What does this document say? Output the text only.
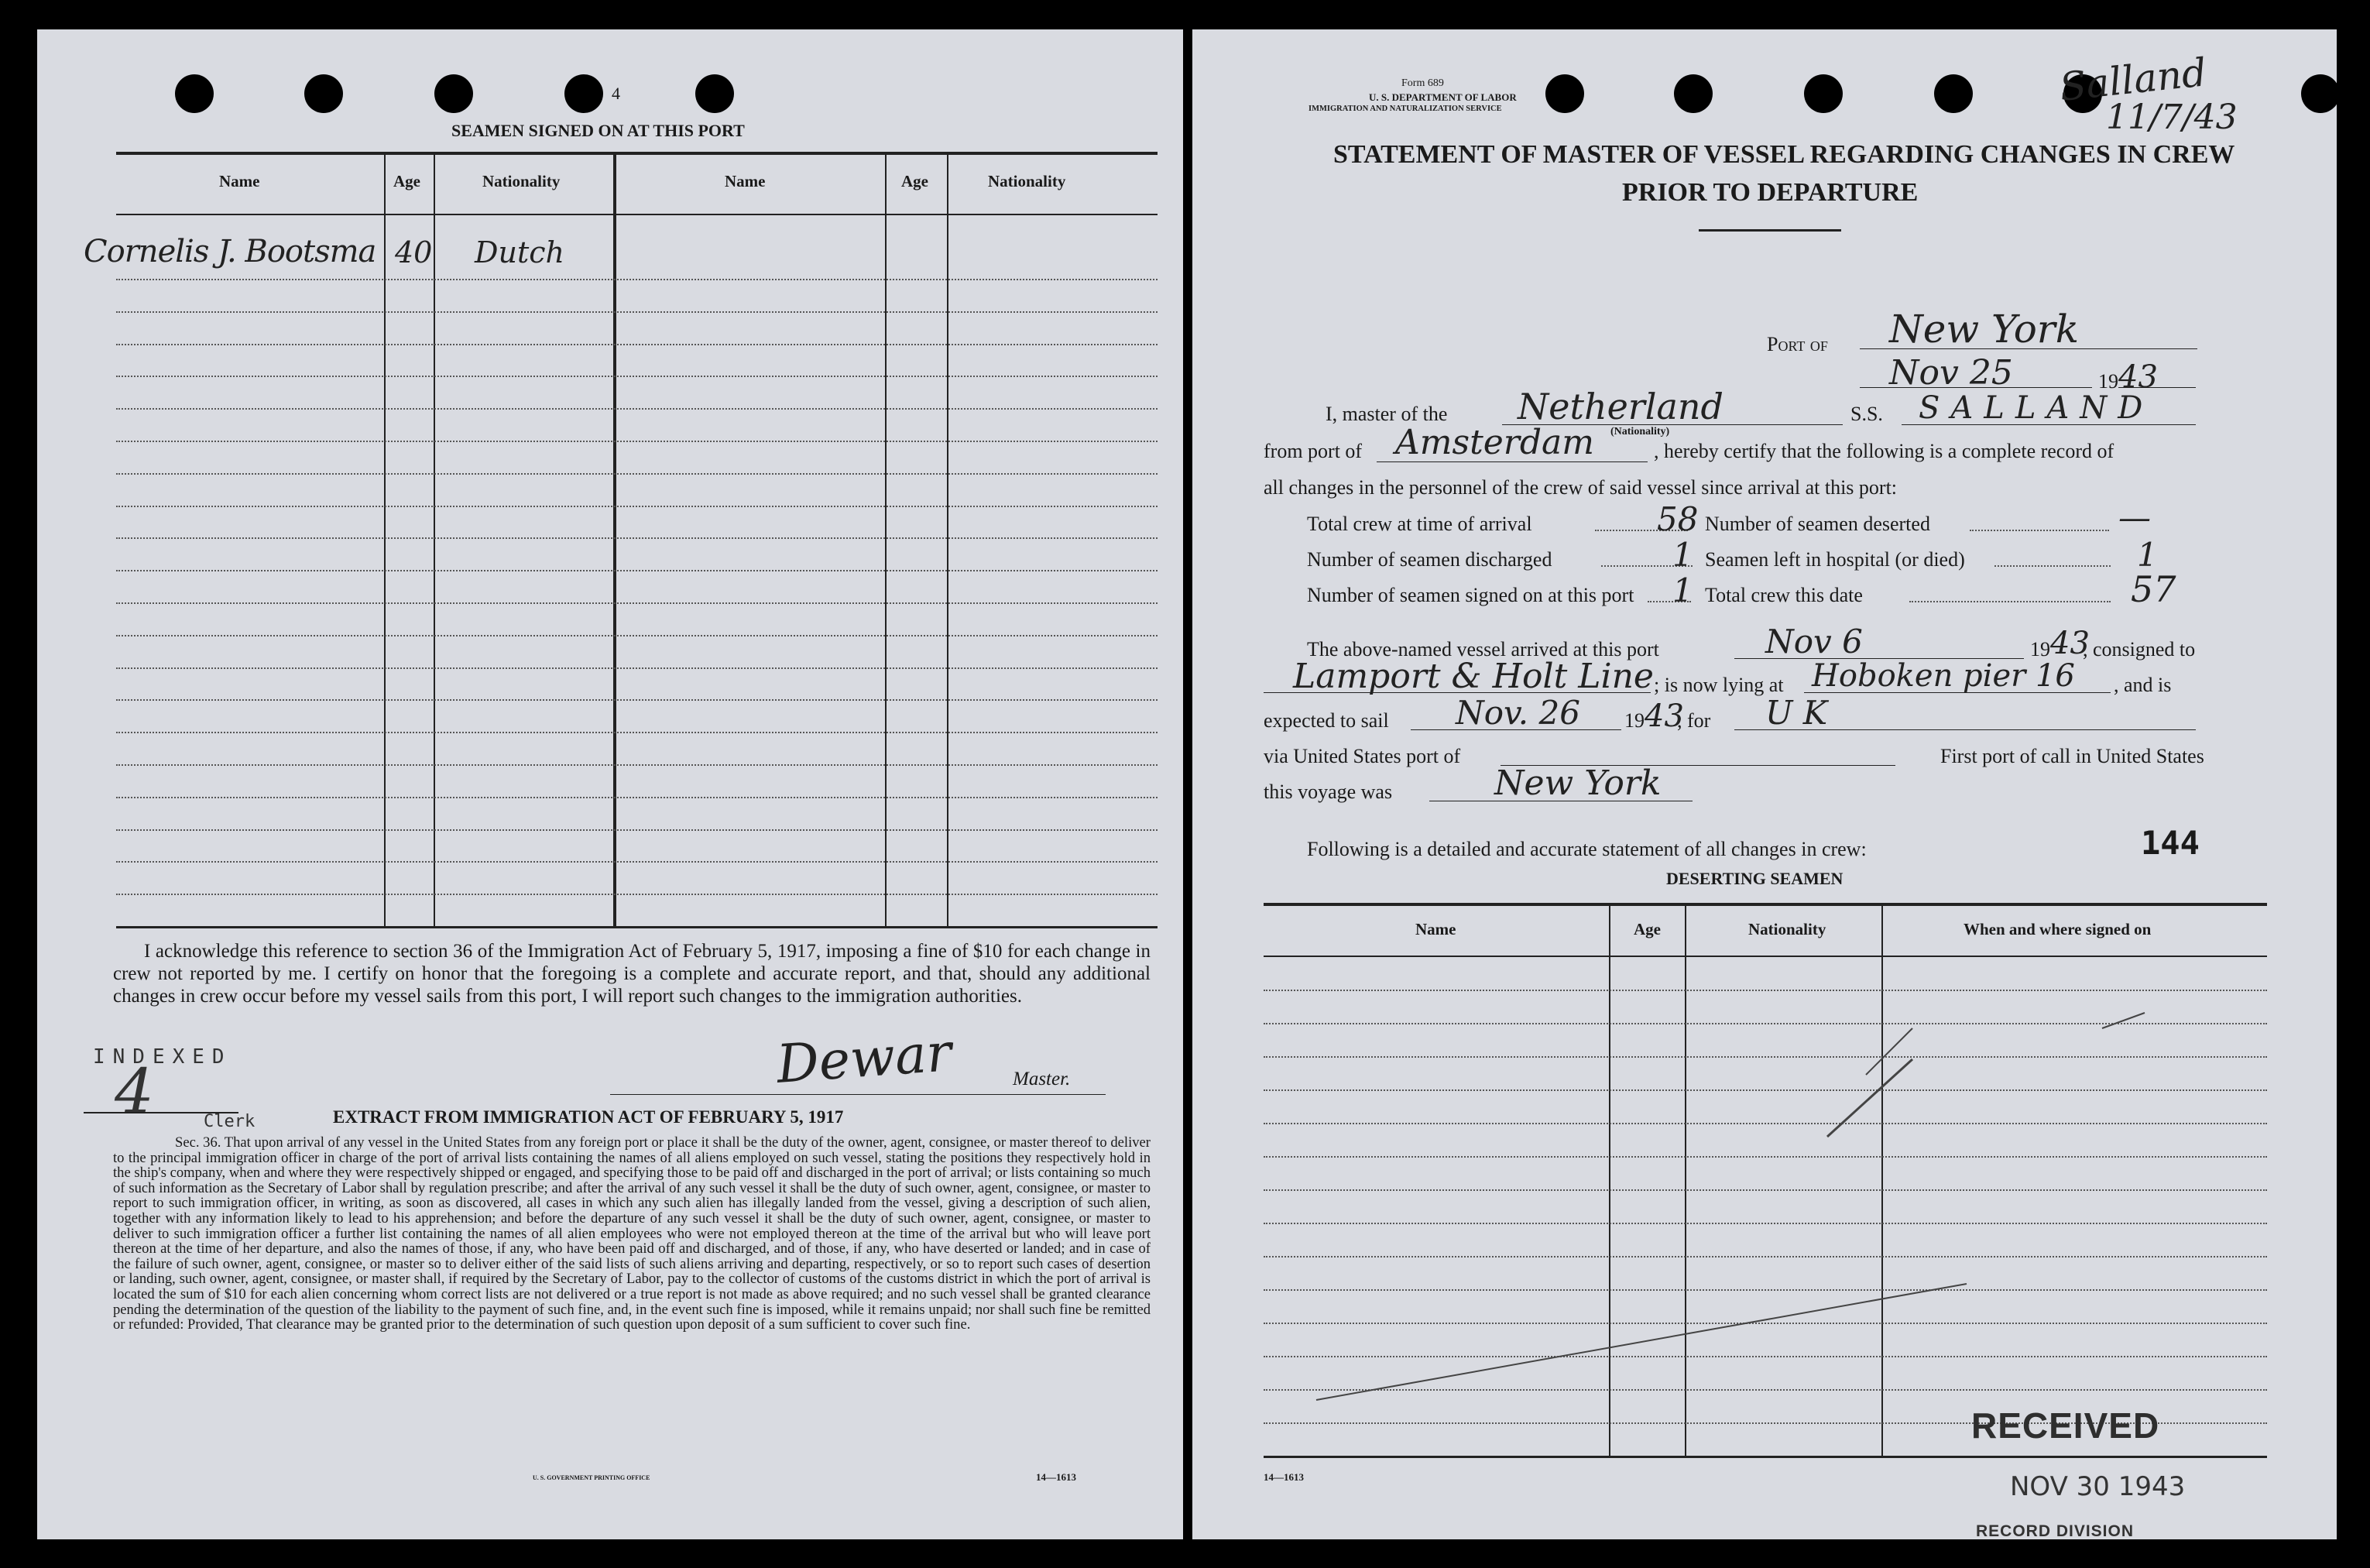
4
SEAMEN SIGNED ON AT THIS PORT
Name	Age	Nationality	Name	Age	Nationality
Cornelis J. Bootsma 40 Dutch
I acknowledge this reference to section 36 of the Immigration Act of February 5, 1917, imposing a fine of $10 for each change in crew not reported by me. I certify on honor that the foregoing is a complete and accurate report, and that, should any additional changes in crew occur before my vessel sails from this port, I will report such changes to the immigration authorities.
Dewar	Master.
INDEXED
4	Clerk	EXTRACT FROM IMMIGRATION ACT OF FEBRUARY 5, 1917
Sec. 36. That upon arrival of any vessel in the United States from any foreign port or place it shall be the duty of the owner, agent, consignee, or master thereof to deliver to the principal immigration officer in charge of the port of arrival lists containing the names of all aliens employed on such vessel, stating the positions they respectively hold in the ship's company, when and where they were respectively shipped or engaged, and specifying those to be paid off and discharged in the port of arrival; or lists containing so much of such information as the Secretary of Labor shall by regulation prescribe; and after the arrival of any such vessel it shall be the duty of such owner, agent, consignee, or master to report to such immigration officer, in writing, as soon as discovered, all cases in which any such alien has illegally landed from the vessel, giving a description of such alien, together with any information likely to lead to his apprehension; and before the departure of any such vessel it shall be the duty of such owner, agent, consignee, or master to deliver to such immigration officer a further list containing the names of all alien employees who were not employed thereon at the time of the arrival but who will leave port thereon at the time of her departure, and also the names of those, if any, who have been paid off and discharged, and of those, if any, who have deserted or landed; and in case of the failure of such owner, agent, consignee, or master so to deliver either of the said lists of such aliens arriving and departing, respectively, or so to report such cases of desertion or landing, such owner, agent, consignee, or master shall, if required by the Secretary of Labor, pay to the collector of customs of the customs district in which the port of arrival is located the sum of $10 for each alien concerning whom correct lists are not delivered or a true report is not made as above required; and no such vessel shall be granted clearance pending the determination of the question of the liability to the payment of such fine, and, in the event such fine is imposed, while it remains unpaid; nor shall such fine be remitted or refunded: Provided, That clearance may be granted prior to the determination of such question upon deposit of a sum sufficient to cover such fine.
U. S. GOVERNMENT PRINTING OFFICE	14—1613
Form 689
U. S. DEPARTMENT OF LABOR
IMMIGRATION AND NATURALIZATION SERVICE	Salland
11/7/43
STATEMENT OF MASTER OF VESSEL REGARDING CHANGES IN CREW
PRIOR TO DEPARTURE
Port of New York
Nov 25	19 43
I, master of the Netherland
(Nationality)
S.S. SALLAND
from port of Amsterdam	, hereby certify that the following is a complete record of
all changes in the personnel of the crew of said vessel since arrival at this port:
Total crew at time of arrival	58 Number of seamen deserted	—
Number of seamen discharged	1 Seamen left in hospital (or died)	1
Number of seamen signed on at this port 1 Total crew this date	57
The above-named vessel arrived at this port	Nov 6	19 43
, consigned to
Lamport & Holt Line ; is now lying at Hoboken pier 16 , and is
expected to sail Nov. 26 19 43
, for U K
via United States port of	First port of call in United States
this voyage was	New York
Following is a detailed and accurate statement of all changes in crew:	144
DESERTING SEAMEN
Name	Age	Nationality	When and where signed on
14—1613
RECEIVED
NOV 30 1943
RECORD DIVISION
